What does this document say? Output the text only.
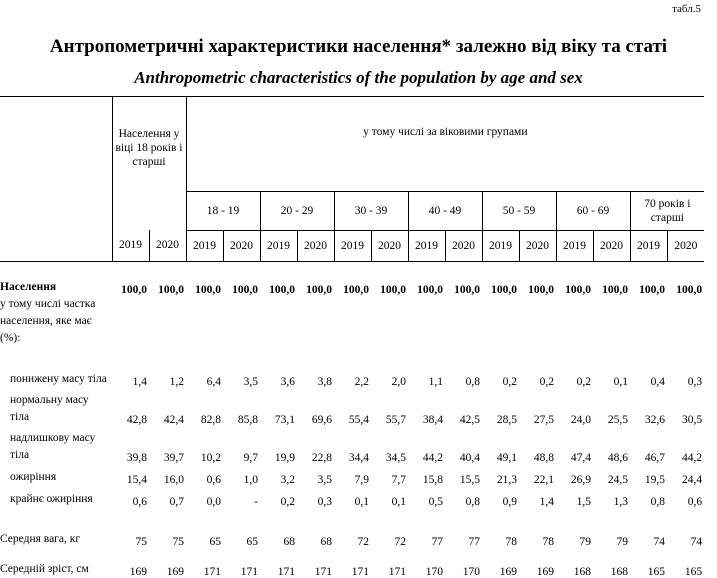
табл.5
Антропометричні характеристики населення* залежно від віку та статі
Anthropometric characteristics of the population by age and sex
	Населення у віці 18 років і старші		у тому числі за віковими групами													
			18 - 19		20 - 29		30 - 39		40 - 49		50 - 59		60 - 69		70 років і старші	
	2019	2020	2019	2020	2019	2020	2019	2020	2019	2020	2019	2020	2019	2020	2019	2020

Населення	100,0	100,0	100,0	100,0	100,0	100,0	100,0	100,0	100,0	100,0	100,0	100,0	100,0	100,0	100,0	100,0
у тому числі частка населення, яке має (%):																
понижену масу тіла	1,4	1,2	6,4	3,5	3,6	3,8	2,2	2,0	1,1	0,8	0,2	0,2	0,2	0,1	0,4	0,3
нормальну масу тіла	42,8	42,4	82,8	85,8	73,1	69,6	55,4	55,7	38,4	42,5	28,5	27,5	24,0	25,5	32,6	30,5
надлишкову масу тіла	39,8	39,7	10,2	9,7	19,9	22,8	34,4	34,5	44,2	40,4	49,1	48,8	47,4	48,6	46,7	44,2
ожиріння	15,4	16,0	0,6	1,0	3,2	3,5	7,9	7,7	15,8	15,5	21,3	22,1	26,9	24,5	19,5	24,4
крайнє ожиріння	0,6	0,7	0,0	-	0,2	0,3	0,1	0,1	0,5	0,8	0,9	1,4	1,5	1,3	0,8	0,6

Середня вага, кг	75	75	65	65	68	68	72	72	77	77	78	78	79	79	74	74
Середній зріст, см	169	169	171	171	171	171	171	171	170	170	169	169	168	168	165	165
